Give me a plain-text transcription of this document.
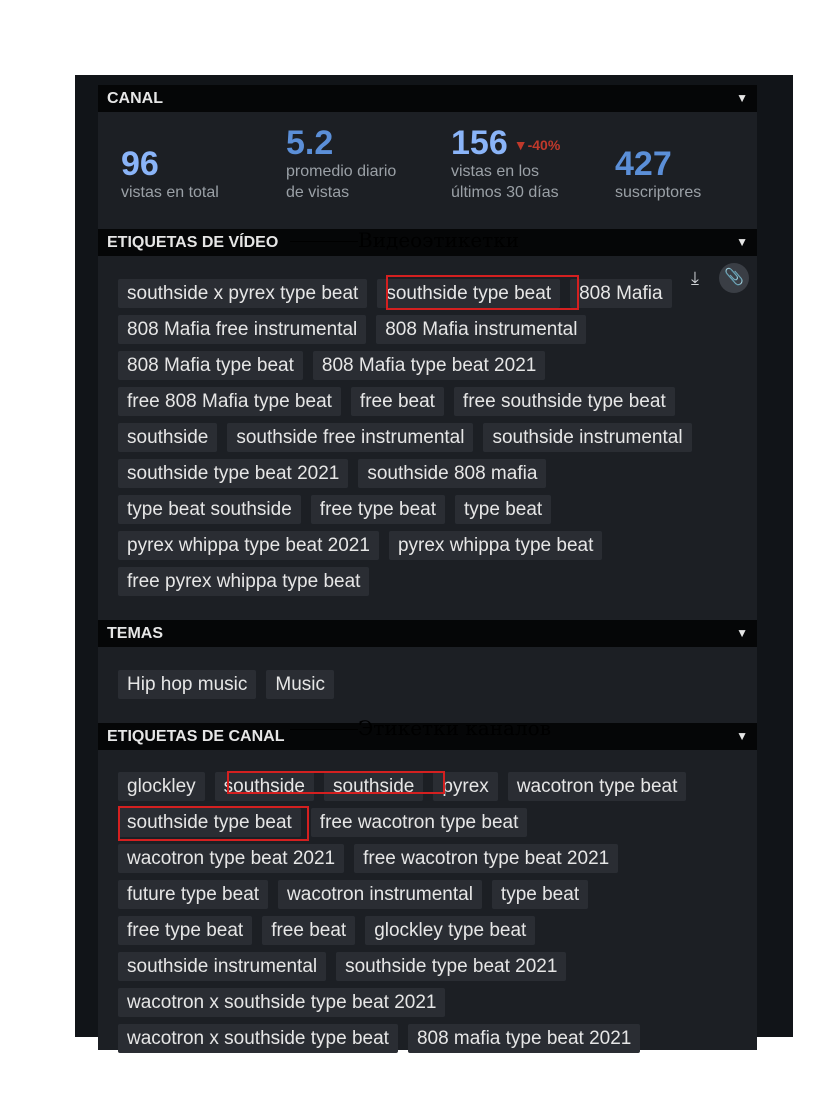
CANAL	▼
96
vistas en total
5.2
promedio diario de vistas
156 $^{▼-40\%}$
vistas en los últimos 30 días
427
suscriptores
ETIQUETAS DE VÍDEO	▼
⤓	📎
southside x pyrex type beat southside type beat 808 Mafia808 Mafia free instrumental 808 Mafia instrumental808 Mafia type beat 808 Mafia type beat 2021free 808 Mafia type beat free beat free southside type beatsouthside southside free instrumental southside instrumentalsouthside type beat 2021 southside 808 mafiatype beat southside free type beat type beatpyrex whippa type beat 2021 pyrex whippa type beatfree pyrex whippa type beat
TEMAS	▼
Hip hop music Music
ETIQUETAS DE CANAL	▼
glockley southside southside pyrex wacotron type beatsouthside type beat free wacotron type beatwacotron type beat 2021 free wacotron type beat 2021future type beat wacotron instrumental type beatfree type beat free beat glockley type beatsouthside instrumental southside type beat 2021wacotron x southside type beat 2021wacotron x southside type beat 808 mafia type beat 2021
Видеоэтикетки
Этикетки каналов
